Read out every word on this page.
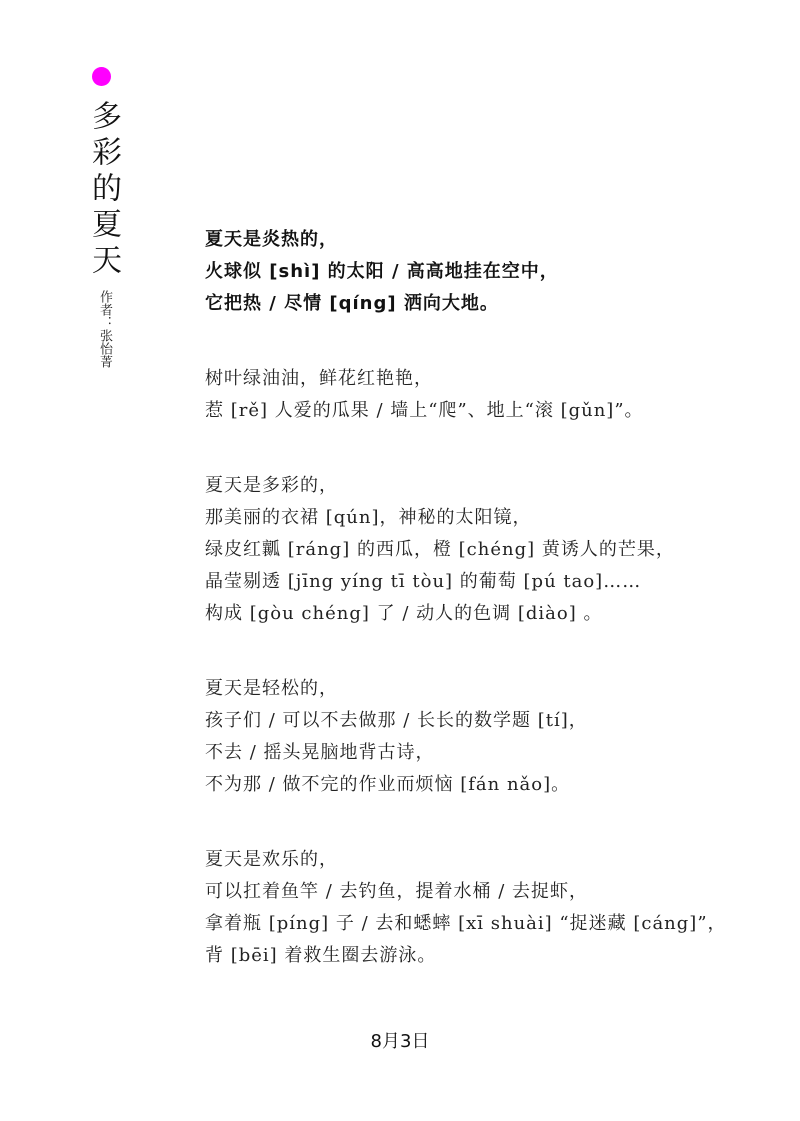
多彩的夏天
作者：张怡菁
夏天是炎热的，
火球似 [shì] 的太阳 / 高高地挂在空中，
它把热 / 尽情 [qíng] 洒向大地。
树叶绿油油，鲜花红艳艳，
惹 [rě] 人爱的瓜果 / 墙上“爬”、地上“滚 [gǔn]”。
夏天是多彩的，
那美丽的衣裙 [qún]，神秘的太阳镜，
绿皮红瓤 [ráng] 的西瓜，橙 [chéng] 黄诱人的芒果，
晶莹剔透 [jīng yíng tī tòu] 的葡萄 [pú tao]……
构成 [gòu chéng] 了 / 动人的色调 [diào] 。
夏天是轻松的，
孩子们 / 可以不去做那 / 长长的数学题 [tí]，
不去 / 摇头晃脑地背古诗，
不为那 / 做不完的作业而烦恼 [fán nǎo]。
夏天是欢乐的，
可以扛着鱼竿 / 去钓鱼，提着水桶 / 去捉虾，
拿着瓶 [píng] 子 / 去和蟋蟀 [xī shuài] “捉迷藏 [cáng]”，
背 [bēi] 着救生圈去游泳。
8月3日
